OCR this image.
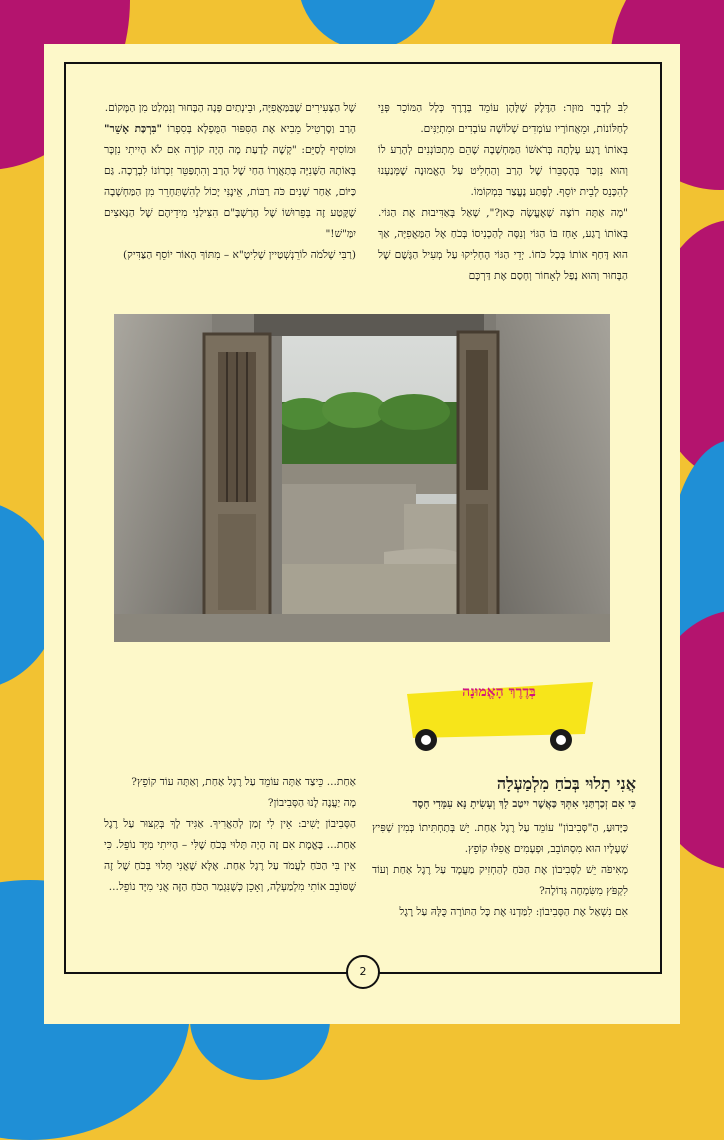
לִבּ לְדָבָר מוּזָר: הַדֶּלֶק שֶׁלָּהֶן עוֹמֵד בְּדֶרֶךְ כְּלָל הַמּוֹכֵר פְּנֵי לְחַלּוֹנוֹת, וּמֵאֲחוֹרָיו עוֹמְדִים שְׁלוֹשָׁה עוֹבְדִים וּמִתְיַנִּים.

בְּאוֹתוֹ רֶגַע עָלְתָה בְּרֹאשׁוֹ הַמַּחְשָׁבָה שֶׁהֵם מִתְכּוֹנְנִים לְהָרַע לוֹ וְהוּא נִזְכַּר בְּהֶסְבֵּרוֹ שֶׁל הָרַב וְהַחְלִיט עַל הָאֱמוּנָה שֶׁמְּנַעְנוּ לְהִכָּנֵס לְבֵית יוֹסֵף. לְפֶתַע נֶעֱצַר בִּמְקוֹמוֹ.

"מָה אַתָּה רוֹצֶה שֶׁאֶעֱשֶׂה כָּאן?", שָׁאַל בְּאַדִּיבוּת אֶת הַגּוֹי. בְּאוֹתוֹ רֶגַע, אָחַז בּוֹ הַגּוֹי וְנִסָּה לְהַכְנִיסוֹ בְּכֹחַ אֶל הַמַּאֲפִיָּה, אַךְ הוּא דָּחַף אוֹתוֹ בְּכָל כֹּחוֹ. יְדֵי הַגּוֹי הֶחְלִיקוּ עַל מְעִיל הַגֶּשֶׁם שֶׁל הַבָּחוּר וְהוּא נָפַל לְאָחוֹר וְחָסַם אֶת דַּרְכָּם

שֶׁל הַצְּעִירִים שֶׁבַּמַּאֲפִיָּה, וּבֵינְתַיִם פָּנָה הַבָּחוּר וְנִמְלַט מִן הַמָּקוֹם.

הָרַב וַסֶרְטִיל מֵבִיא אֶת הַסִּפּוּר הַמֻּפְלָא בְּסִפְרוֹ "בִּרְכַּת אָשֵׁר" וּמוֹסִיף לְסַיֵּם: "קָשֶׁה לָדַעַת מָה הָיָה קוֹרֶה אִם לֹא הָיִיתִי נִזְכָּר בְּאוֹתָהּ הַשָּׁנִיָּה בְּתַאֲוָרוֹ הַחַי שֶׁל הָרַב וְהִתְפַּטֵּר זִכְרוֹנוֹ לִבְרָכָה. גַּם כַּיּוֹם, אַחַר שָׁנִים כֹּה רַבּוֹת, אֵינֶנִּי יָכוֹל לְהִשְׁתַּחְרֵר מִן הַמַּחְשָׁבָה שֶׁקֶּטַע זֶה בְּפֵרוּשׁוֹ שֶׁל הָרַשְׁבָּ"ם הִצִּילַנִי מִידֵיהֶם שֶׁל הַנָּאצִים יִמַּ"שׁ!"

(רַבִּי שְׁלֹמֹה לוֹרֵנְשְׁטַיין שְׁלִיטָ"א – מִתּוֹךְ הָאוֹר יוֹסֵף הַצַּדִּיק)

בְּדֶרֶךְ הָאֱמוּנָה
אֲנִי תָלוּי בְּכֹחַ מִלְמַעְלָה
כִּי אִם זְכַרְתַּנִי אִתְּךָ כַּאֲשֶׁר יִיטַב לָךְ וְעָשִׂיתָ נָּא עִמָּדִי חָסֶד

כַּיָּדוּעַ, הַ"סְּבִיבוֹן" עוֹמֵד עַל רֶגֶל אַחַת. יֵשׁ בְּתַחְתִּיתוֹ כְּמִין שְׁפִּיץ שֶׁעָלָיו הוּא מִסְתּוֹבֵב, וּפְעָמִים אֲפִלּוּ קוֹפֵץ.

מָאִיפֹה יֵשׁ לַסְּבִיבוֹן אֶת הַכֹּחַ לְהַחְזִיק מַעֲמָד עַל רֶגֶל אַחַת וְעוֹד לִקְפֹּץ מִשִּׂמְחָה גְּדוֹלָה?

אִם נִשְׁאַל אֶת הַסְּבִיבוֹן: לִמַּדְנוּ אֶת כָּל הַתּוֹרָה כֻּלָּהּ עַל רֶגֶל

אַחַת... כֵּיצַד אַתָּה עוֹמֵד עַל רֶגֶל אַחַת, וְאַתָּה עוֹד קוֹפֵץ?

מָה יַעֲנֶה לָנוּ הַסְּבִיבוֹן?

הַסְּבִיבוֹן יָשִׁיב: אֵין לִי זְמַן לְהַאֲרִיךְ. אַגִּיד לָךְ בְּקִצּוּר עַל רֶגֶל אַחַת... בֶּאֱמֶת אִם זֶה הָיָה תָּלוּי בְּכֹחַ שֶׁלִּי – הָיִיתִי מִיָּד נוֹפֵל. כִּי אֵין בִּי הַכֹּחַ לַעֲמֹד עַל רֶגֶל אַחַת. אֶלָּא שֶׁאֲנִי תָּלוּי בְּכֹחַ שֶׁל זֶה שֶׁסּוֹבֵב אוֹתִי מִלְמַעְלָה, וְאָכֵן כְּשֶׁנִּגְמַר הַכֹּחַ הַזֶּה אֲנִי מִיָּד נוֹפֵל...

2
